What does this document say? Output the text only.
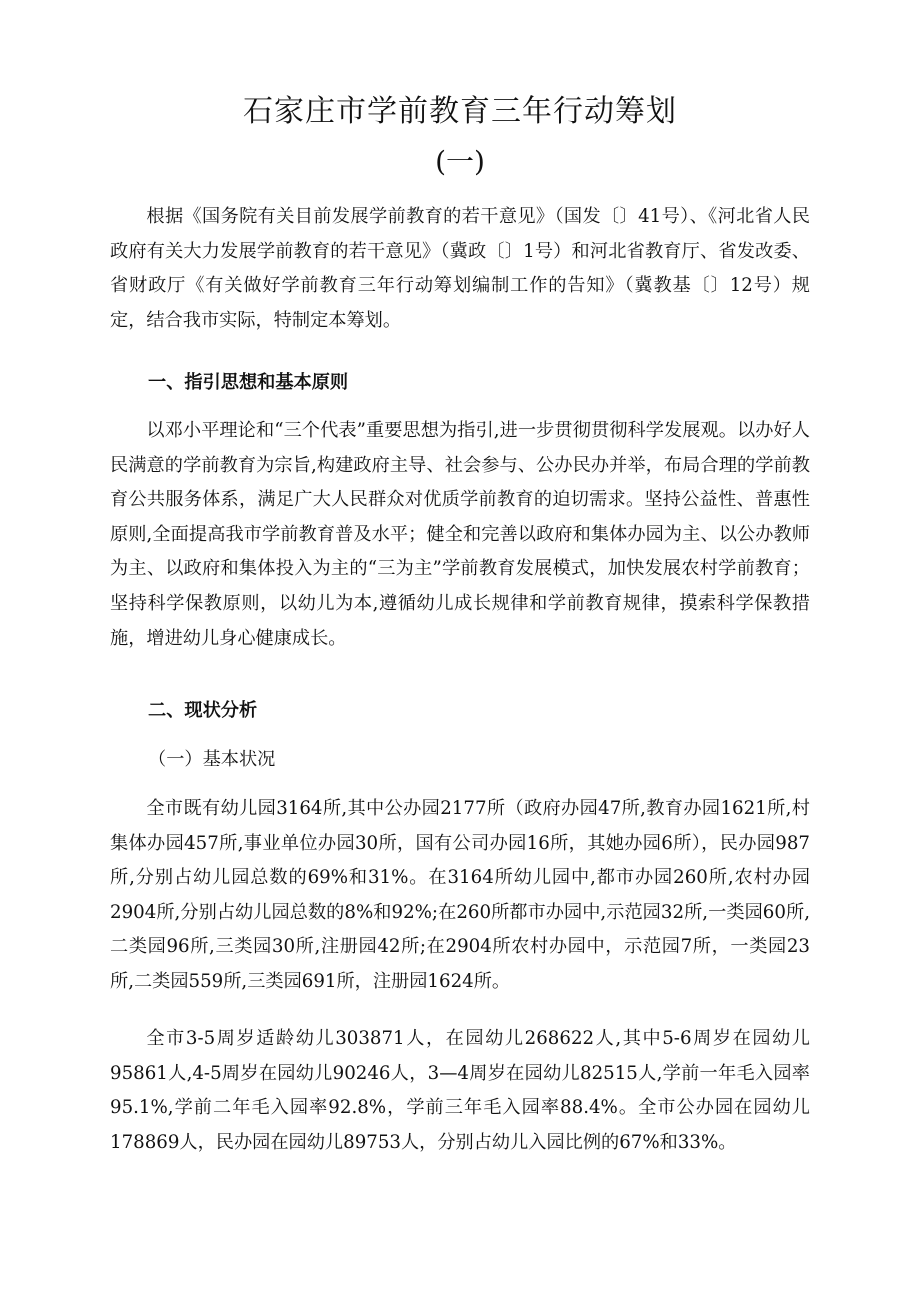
石家庄市学前教育三年行动筹划
(一)

根据《国务院有关目前发展学前教育的若干意见》（国发〔〕41号）、《河北省人民政府有关大力发展学前教育的若干意见》（冀政〔〕1号）和河北省教育厅、省发改委、省财政厅《有关做好学前教育三年行动筹划编制工作的告知》（冀教基〔〕12号）规定，结合我市实际，特制定本筹划。

一、指引思想和基本原则

以邓小平理论和“三个代表”重要思想为指引,进一步贯彻贯彻科学发展观。以办好人民满意的学前教育为宗旨,构建政府主导、社会参与、公办民办并举，布局合理的学前教育公共服务体系，满足广大人民群众对优质学前教育的迫切需求。坚持公益性、普惠性原则,全面提高我市学前教育普及水平；健全和完善以政府和集体办园为主、以公办教师为主、以政府和集体投入为主的“三为主”学前教育发展模式，加快发展农村学前教育；坚持科学保教原则，以幼儿为本,遵循幼儿成长规律和学前教育规律，摸索科学保教措施，增进幼儿身心健康成长。

二、现状分析

（一）基本状况

全市既有幼儿园3164所,其中公办园2177所（政府办园47所,教育办园1621所,村集体办园457所,事业单位办园30所，国有公司办园16所，其她办园6所），民办园987所,分别占幼儿园总数的69%和31%。在3164所幼儿园中,都市办园260所,农村办园2904所,分别占幼儿园总数的8%和92%;在260所都市办园中,示范园32所,一类园60所,二类园96所,三类园30所,注册园42所;在2904所农村办园中，示范园7所，一类园23所,二类园559所,三类园691所，注册园1624所。

全市3-5周岁适龄幼儿303871人，在园幼儿268622人,其中5-6周岁在园幼儿95861人,4-5周岁在园幼儿90246人，3—4周岁在园幼儿82515人,学前一年毛入园率95.1%,学前二年毛入园率92.8%，学前三年毛入园率88.4%。全市公办园在园幼儿178869人，民办园在园幼儿89753人，分别占幼儿入园比例的67%和33%。
